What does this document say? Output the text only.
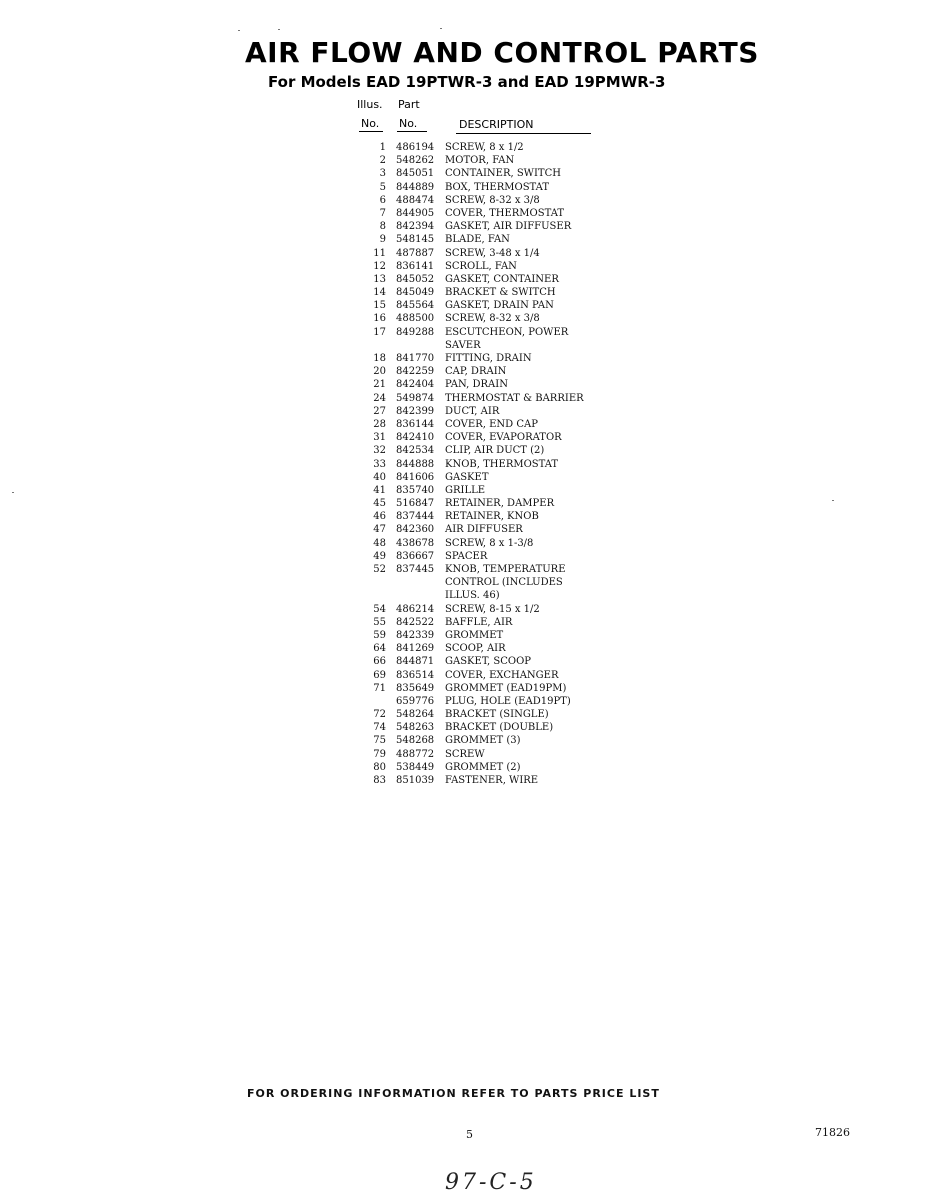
AIR FLOW AND CONTROL PARTS
For Models EAD 19PTWR-3 and EAD 19PMWR-3
Illus. Part
No. No.	DESCRIPTION
1 486194 SCREW, 8 x 1/2
2 548262 MOTOR, FAN
3 845051 CONTAINER, SWITCH
5 844889 BOX, THERMOSTAT
6 488474 SCREW, 8-32 x 3/8
7 844905 COVER, THERMOSTAT
8 842394 GASKET, AIR DIFFUSER
9 548145 BLADE, FAN
11 487887 SCREW, 3-48 x 1/4
12 836141 SCROLL, FAN
13 845052 GASKET, CONTAINER
14 845049 BRACKET & SWITCH
15 845564 GASKET, DRAIN PAN
16 488500 SCREW, 8-32 x 3/8
17 849288 ESCUTCHEON, POWER
SAVER
18 841770 FITTING, DRAIN
20 842259 CAP, DRAIN
21 842404 PAN, DRAIN
24 549874 THERMOSTAT & BARRIER
27 842399 DUCT, AIR
28 836144 COVER, END CAP
31 842410 COVER, EVAPORATOR
32 842534 CLIP, AIR DUCT (2)
33 844888 KNOB, THERMOSTAT
40 841606 GASKET
41 835740 GRILLE
45 516847 RETAINER, DAMPER
46 837444 RETAINER, KNOB
47 842360 AIR DIFFUSER
48 438678 SCREW, 8 x 1-3/8
49 836667 SPACER
52 837445 KNOB, TEMPERATURE
CONTROL (INCLUDES
ILLUS. 46)
54 486214 SCREW, 8-15 x 1/2
55 842522 BAFFLE, AIR
59 842339 GROMMET
64 841269 SCOOP, AIR
66 844871 GASKET, SCOOP
69 836514 COVER, EXCHANGER
71 835649 GROMMET (EAD19PM)
659776 PLUG, HOLE (EAD19PT)
72 548264 BRACKET (SINGLE)
74 548263 BRACKET (DOUBLE)
75 548268 GROMMET (3)
79 488772 SCREW
80 538449 GROMMET (2)
83 851039 FASTENER, WIRE
FOR ORDERING INFORMATION REFER TO PARTS PRICE LIST
5	71826
97-C-5
